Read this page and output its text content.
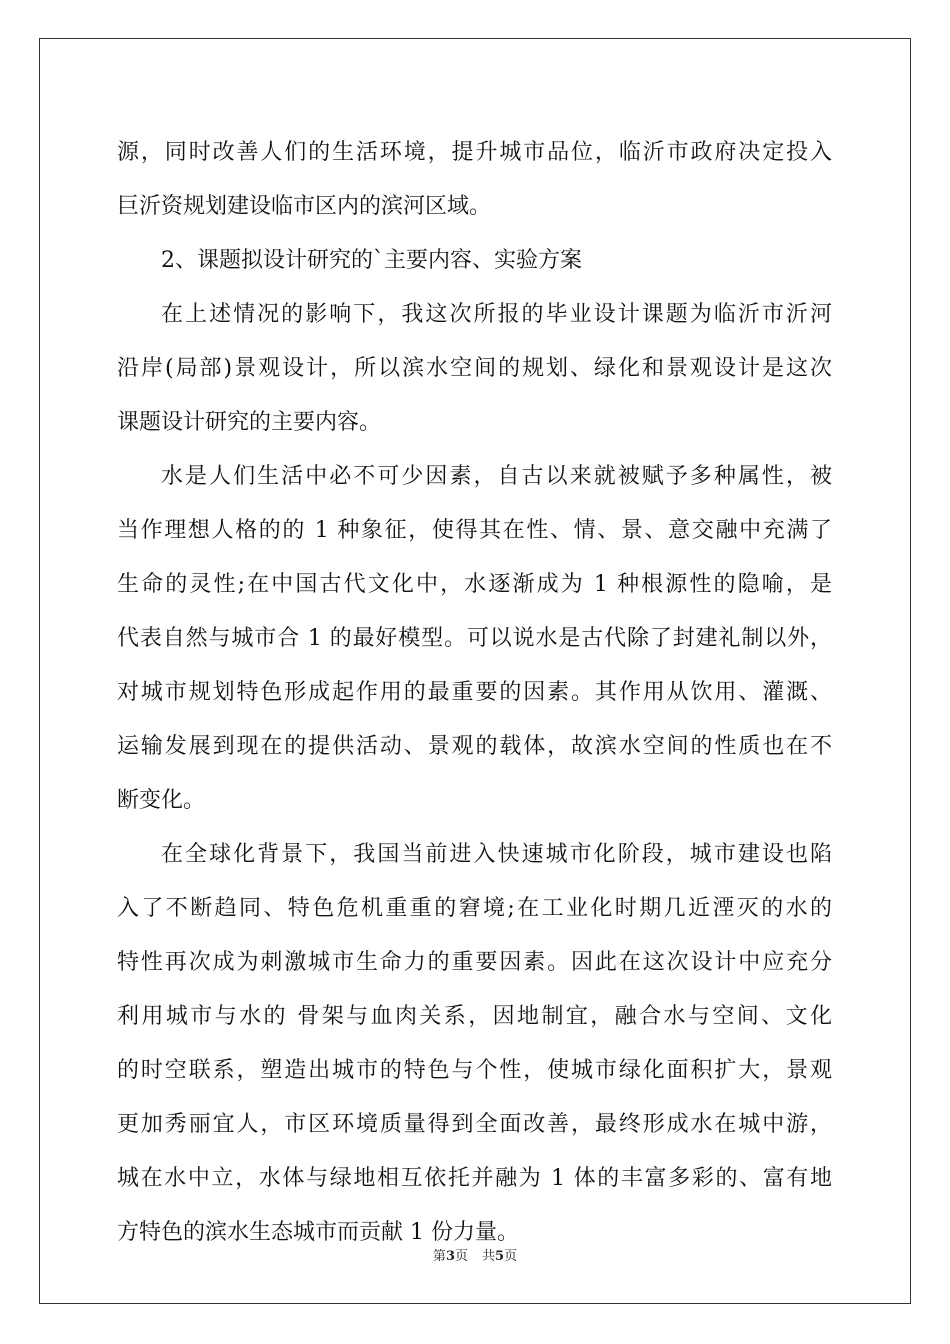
源，同时改善人们的生活环境，提升城市品位，临沂市政府决定投入
巨沂资规划建设临市区内的滨河区域。
2、课题拟设计研究的`主要内容、实验方案
在上述情况的影响下，我这次所报的毕业设计课题为临沂市沂河
沿岸(局部)景观设计，所以滨水空间的规划、绿化和景观设计是这次
课题设计研究的主要内容。
水是人们生活中必不可少因素，自古以来就被赋予多种属性，被
当作理想人格的的 1 种象征，使得其在性、情、景、意交融中充满了
生命的灵性;在中国古代文化中，水逐渐成为 1 种根源性的隐喻，是
代表自然与城市合 1 的最好模型。可以说水是古代除了封建礼制以外，
对城市规划特色形成起作用的最重要的因素。其作用从饮用、灌溉、
运输发展到现在的提供活动、景观的载体，故滨水空间的性质也在不
断变化。
在全球化背景下，我国当前进入快速城市化阶段，城市建设也陷
入了不断趋同、特色危机重重的窘境;在工业化时期几近湮灭的水的
特性再次成为刺激城市生命力的重要因素。因此在这次设计中应充分
利用城市与水的 骨架与血肉关系，因地制宜，融合水与空间、文化
的时空联系，塑造出城市的特色与个性，使城市绿化面积扩大，景观
更加秀丽宜人，市区环境质量得到全面改善，最终形成水在城中游，
城在水中立，水体与绿地相互依托并融为 1 体的丰富多彩的、富有地
方特色的滨水生态城市而贡献 1 份力量。
第3页 共5页
